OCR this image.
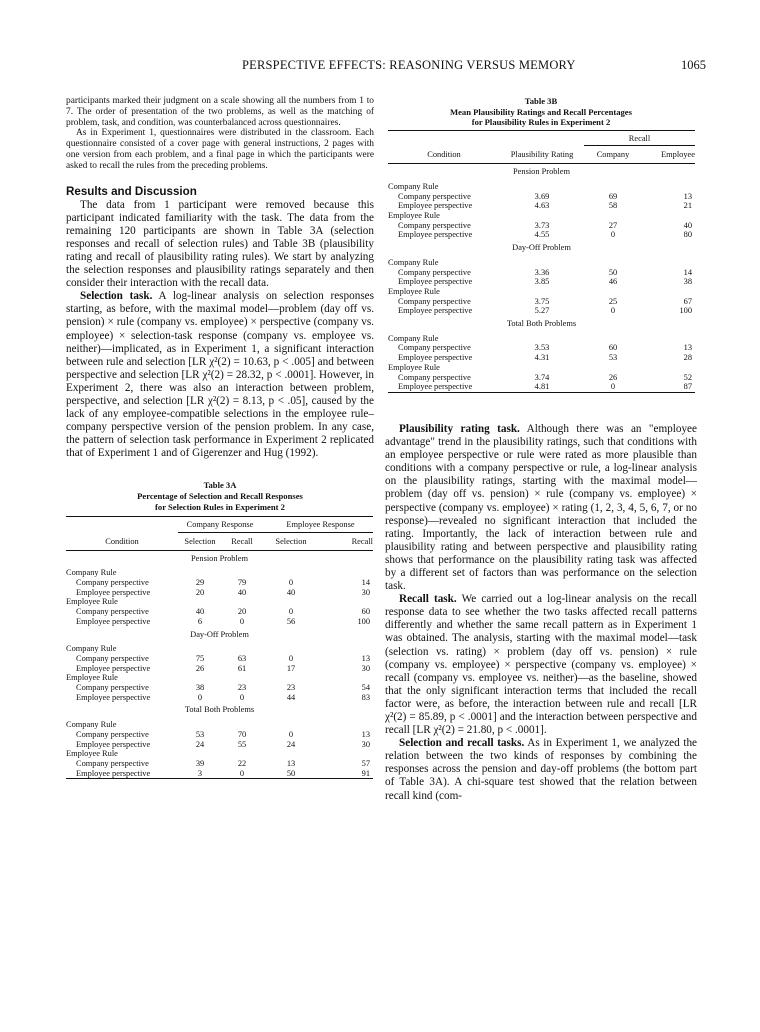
PERSPECTIVE EFFECTS: REASONING VERSUS MEMORY	1065

participants marked their judgment on a scale showing all the numbers from 1 to 7. The order of presentation of the two problems, as well as the matching of problem, task, and condition, was counterbalanced across questionnaires.

As in Experiment 1, questionnaires were distributed in the classroom. Each questionnaire consisted of a cover page with general instructions, 2 pages with one version from each problem, and a final page in which the participants were asked to recall the rules from the preceding problems.

Results and Discussion

The data from 1 participant were removed because this participant indicated familiarity with the task. The data from the remaining 120 participants are shown in Table 3A (selection responses and recall of selection rules) and Table 3B (plausibility rating and recall of plausibility rating rules). We start by analyzing the selection responses and plausibility ratings separately and then consider their interaction with the recall data.

Selection task. A log-linear analysis on selection responses starting, as before, with the maximal model—problem (day off vs. pension) × rule (company vs. employee) × perspective (company vs. employee) × selection-task response (company vs. employee vs. neither)—implicated, as in Experiment 1, a significant interaction between rule and selection [LR χ²(2) = 10.63, p < .005] and between perspective and selection [LR χ²(2) = 28.32, p < .0001]. However, in Experiment 2, there was also an interaction between problem, perspective, and selection [LR χ²(2) = 8.13, p < .05], caused by the lack of any employee-compatible selections in the employee rule–company perspective version of the pension problem. In any case, the pattern of selection task performance in Experiment 2 replicated that of Experiment 1 and of Gigerenzer and Hug (1992).

Table 3A
Percentage of Selection and Recall Responses
for Selection Rules in Experiment 2
	Company Response		Employee Response	
Condition	Selection	Recall	Selection	Recall
Pension Problem				
Company Rule				
Company perspective	29	79	0	14
Employee perspective	20	40	40	30
Employee Rule				
Company perspective	40	20	0	60
Employee perspective	6	0	56	100
Day-Off Problem				
Company Rule				
Company perspective	75	63	0	13
Employee perspective	26	61	17	30
Employee Rule				
Company perspective	38	23	23	54
Employee perspective	0	0	44	83
Total Both Problems				
Company Rule				
Company perspective	53	70	0	13
Employee perspective	24	55	24	30
Employee Rule				
Company perspective	39	22	13	57
Employee perspective	3	0	50	91
Table 3B
Mean Plausibility Ratings and Recall Percentages
for Plausibility Rules in Experiment 2
		Recall	
Condition	Plausibility Rating	Company	Employee
Pension Problem			
Company Rule			
Company perspective	3.69	69	13
Employee perspective	4.63	58	21
Employee Rule			
Company perspective	3.73	27	40
Employee perspective	4.55	0	80
Day-Off Problem			
Company Rule			
Company perspective	3.36	50	14
Employee perspective	3.85	46	38
Employee Rule			
Company perspective	3.75	25	67
Employee perspective	5.27	0	100
Total Both Problems			
Company Rule			
Company perspective	3.53	60	13
Employee perspective	4.31	53	28
Employee Rule			
Company perspective	3.74	26	52
Employee perspective	4.81	0	87

Plausibility rating task. Although there was an "employee advantage" trend in the plausibility ratings, such that conditions with an employee perspective or rule were rated as more plausible than conditions with a company perspective or rule, a log-linear analysis on the plausibility ratings, starting with the maximal model—problem (day off vs. pension) × rule (company vs. employee) × perspective (company vs. employee) × rating (1, 2, 3, 4, 5, 6, 7, or no response)—revealed no significant interaction that included the rating. Importantly, the lack of interaction between rule and plausibility rating and between perspective and plausibility rating shows that performance on the plausibility rating task was affected by a different set of factors than was performance on the selection task.

Recall task. We carried out a log-linear analysis on the recall response data to see whether the two tasks affected recall patterns differently and whether the same recall pattern as in Experiment 1 was obtained. The analysis, starting with the maximal model—task (selection vs. rating) × problem (day off vs. pension) × rule (company vs. employee) × perspective (company vs. employee) × recall (company vs. employee vs. neither)—as the baseline, showed that the only significant interaction terms that included the recall factor were, as before, the interaction between rule and recall [LR χ²(2) = 85.89, p < .0001] and the interaction between perspective and recall [LR χ²(2) = 21.80, p < .0001].

Selection and recall tasks. As in Experiment 1, we analyzed the relation between the two kinds of responses by combining the responses across the pension and day-off problems (the bottom part of Table 3A). A chi-square test showed that the relation between recall kind (com-
